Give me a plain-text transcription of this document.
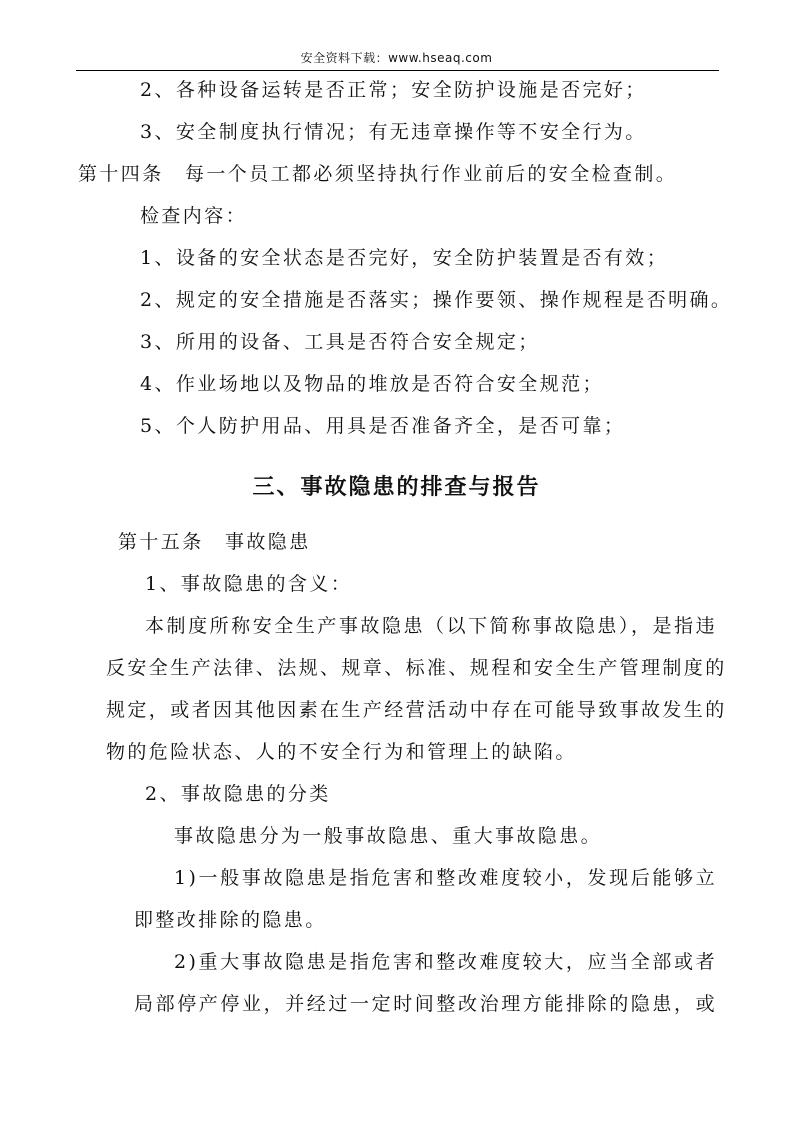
安全资料下载：www.hseaq.com
2、各种设备运转是否正常；安全防护设施是否完好；
3、安全制度执行情况；有无违章操作等不安全行为。
第十四条　每一个员工都必须坚持执行作业前后的安全检查制。
检查内容：
1、设备的安全状态是否完好，安全防护装置是否有效；
2、规定的安全措施是否落实；操作要领、操作规程是否明确。
3、所用的设备、工具是否符合安全规定；
4、作业场地以及物品的堆放是否符合安全规范；
5、个人防护用品、用具是否准备齐全，是否可靠；
三、事故隐患的排查与报告
第十五条　事故隐患
1、事故隐患的含义：
本制度所称安全生产事故隐患（以下简称事故隐患），是指违
反安全生产法律、法规、规章、标准、规程和安全生产管理制度的
规定，或者因其他因素在生产经营活动中存在可能导致事故发生的
物的危险状态、人的不安全行为和管理上的缺陷。
2、事故隐患的分类
事故隐患分为一般事故隐患、重大事故隐患。
1)一般事故隐患是指危害和整改难度较小，发现后能够立
即整改排除的隐患。
2)重大事故隐患是指危害和整改难度较大，应当全部或者
局部停产停业，并经过一定时间整改治理方能排除的隐患，或
